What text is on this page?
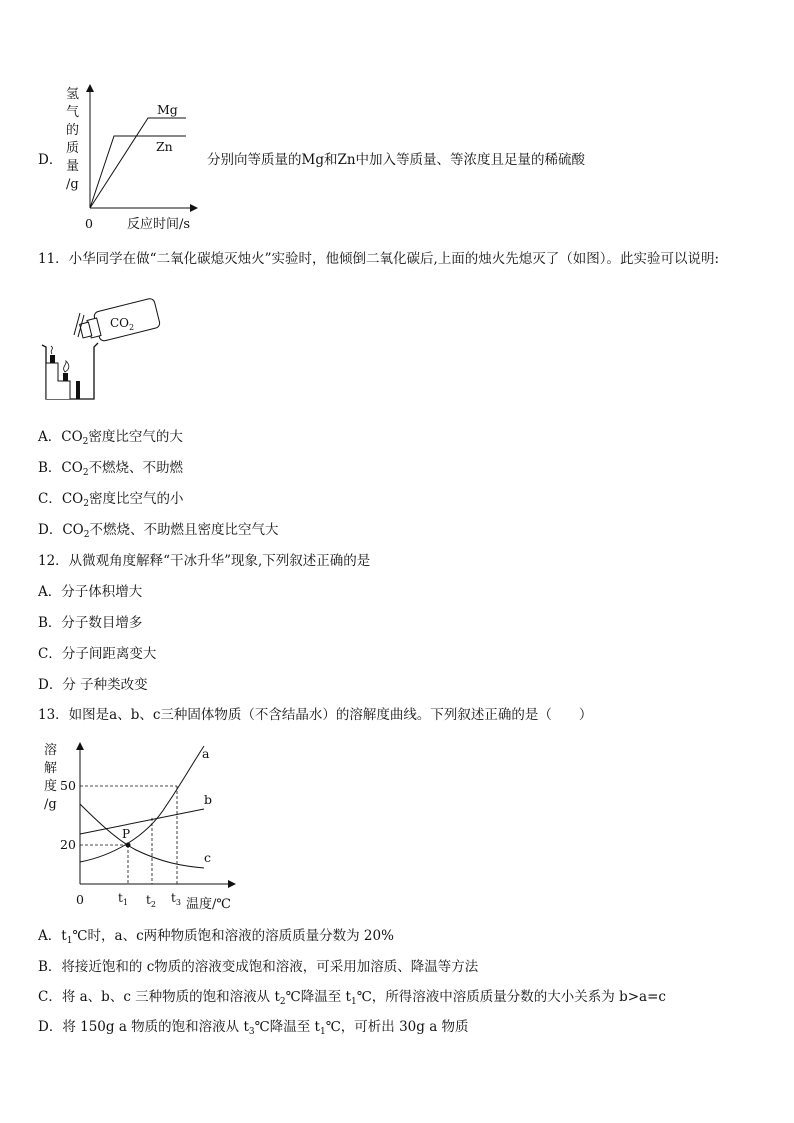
D．
氢
气
的
质
量
/g
Mg
Zn
0	反应时间/s
分别向等质量的Mg和Zn中加入等质量、等浓度且足量的稀硫酸
11．小华同学在做“二氧化碳熄灭烛火”实验时，他倾倒二氧化碳后,上面的烛火先熄灭了（如图）。此实验可以说明:
$CO_2$
A．$CO_2$密度比空气的大
B．$CO_2$不燃烧、不助燃
C．$CO_2$密度比空气的小
D．$CO_2$不燃烧、不助燃且密度比空气大
12．从微观角度解释“干冰升华”现象,下列叙述正确的是
A．分子体积增大
B．分子数目增多
C．分子间距离变大
D．分 子种类改变
13．如图是a、b、c三种固体物质（不含结晶水）的溶解度曲线。下列叙述正确的是（　　）
溶
解
度
/g
P
a
b
c
50
20
0	$t_1$ $t_2$ $t_3$ 温度/℃
A．$t_1℃$时，a、c两种物质饱和溶液的溶质质量分数为 20%
B．将接近饱和的 c物质的溶液变成饱和溶液，可采用加溶质、降温等方法
C．将 a、b、c 三种物质的饱和溶液从 $t_2℃$降温至 $t_1℃$，所得溶液中溶质质量分数的大小关系为 b>a=c
D．将 150g a 物质的饱和溶液从 $t_3℃$降温至 $t_1℃$，可析出 30g a 物质
